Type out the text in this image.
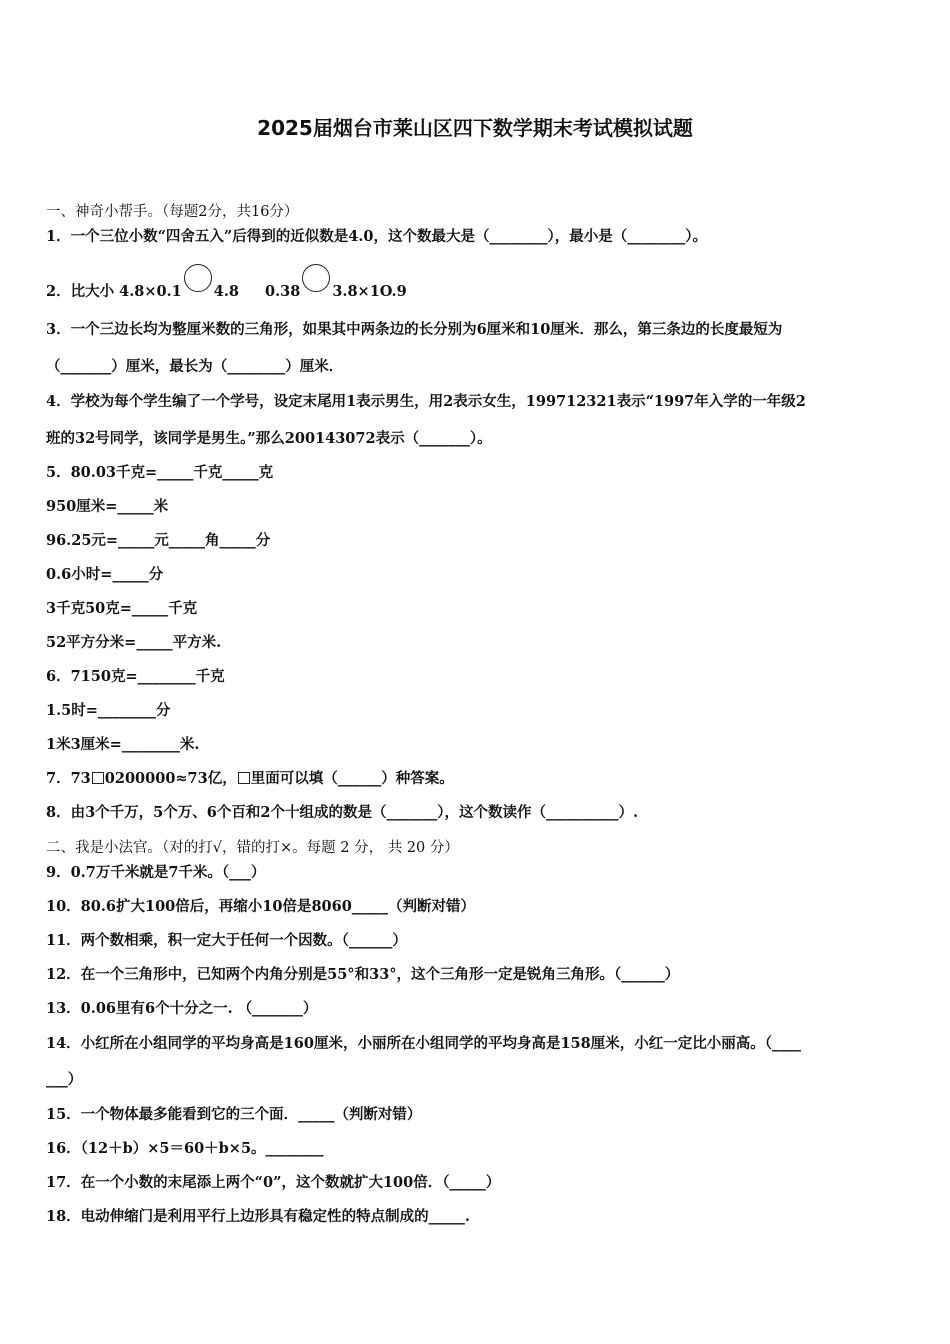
2025届烟台市莱山区四下数学期末考试模拟试题
一、神奇小帮手。（每题2分，共16分）
1．一个三位小数“四舍五入”后得到的近似数是4.0，这个数最大是（________），最小是（________）。
2．比大小 4.8×0.1 4.8 0.38 3.8×1O.9
3．一个三边长均为整厘米数的三角形，如果其中两条边的长分别为6厘米和10厘米．那么，第三条边的长度最短为
（_______）厘米，最长为（________）厘米．
4．学校为每个学生编了一个学号，设定末尾用1表示男生，用2表示女生，199712321表示“1997年入学的一年级2
班的32号同学，该同学是男生。”那么200143072表示（_______）。
5．80.03千克=_____千克_____克
950厘米=_____米
96.25元=_____元_____角_____分
0.6小时=_____分
3千克50克=_____千克
52平方分米=_____平方米.
6．7150克=________千克
1.5时=________分
1米3厘米=________米.
7．73 0200000≈73亿， 里面可以填（______）种答案。
8．由3个千万，5个万、6个百和2个十组成的数是（_______），这个数读作（__________）.
二、我是小法官。（对的打√，错的打×。每题 2 分， 共 20 分）
9．0.7万千米就是7千米。（___）
10．80.6扩大100倍后，再缩小10倍是8060_____（判断对错）
11．两个数相乘，积一定大于任何一个因数。（______）
12．在一个三角形中，已知两个内角分别是55°和33°，这个三角形一定是锐角三角形。（______）
13．0.06里有6个十分之一. （_______）
14．小红所在小组同学的平均身高是160厘米，小丽所在小组同学的平均身高是158厘米，小红一定比小丽高。（____
___）
15．一个物体最多能看到它的三个面．_____（判断对错）
16．（12＋b）×5＝60＋b×5。________
17．在一个小数的末尾添上两个“0”，这个数就扩大100倍．（_____）
18．电动伸缩门是利用平行上边形具有稳定性的特点制成的_____.
